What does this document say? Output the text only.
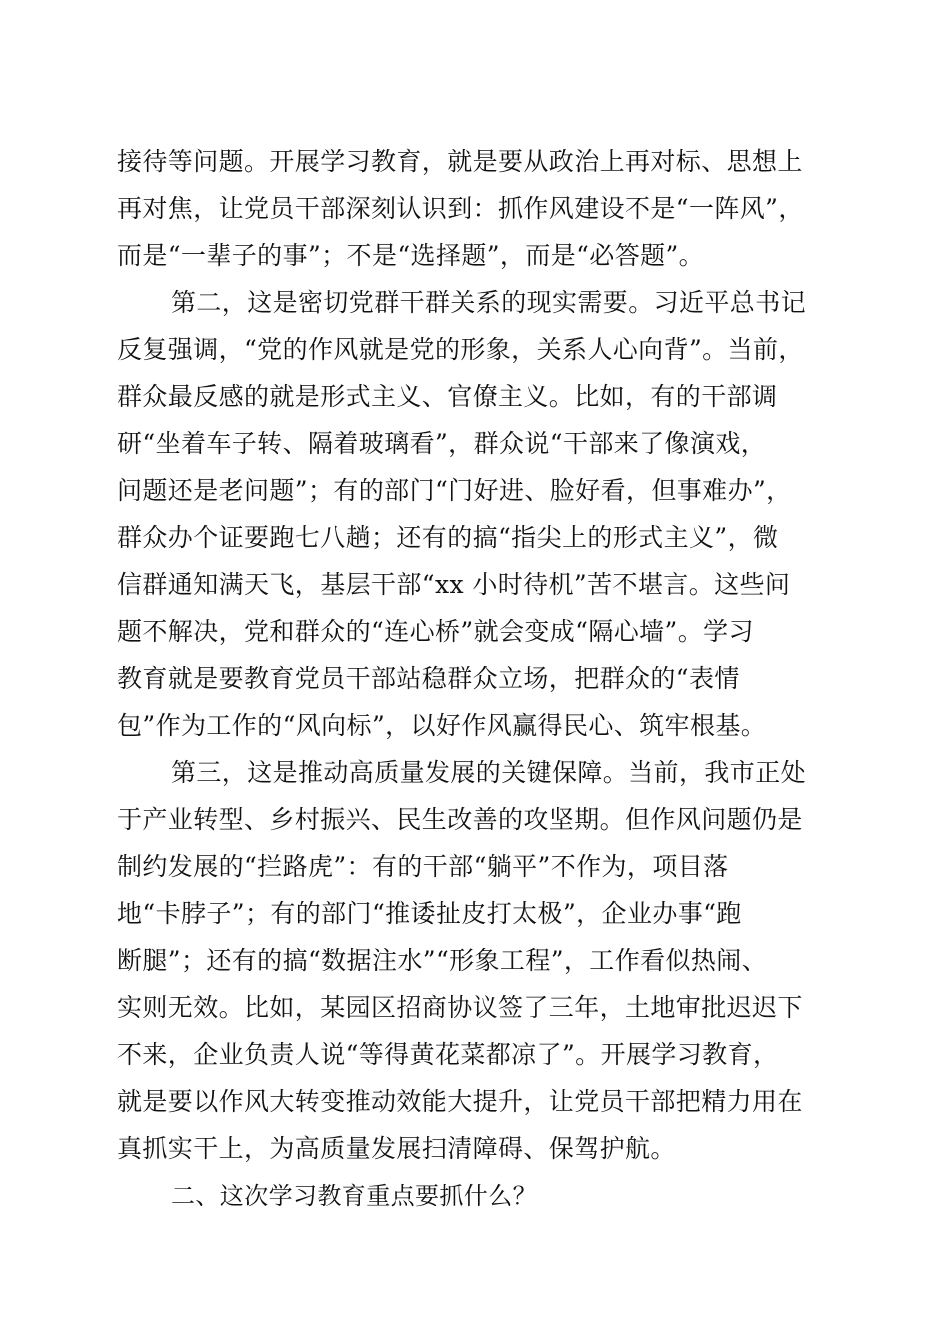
接待等问题。开展学习教育，就是要从政治上再对标、思想上
再对焦，让党员干部深刻认识到：抓作风建设不是“一阵风”，
而是“一辈子的事”；不是“选择题”，而是“必答题”。
第二，这是密切党群干群关系的现实需要。习近平总书记
反复强调，“党的作风就是党的形象，关系人心向背”。当前，
群众最反感的就是形式主义、官僚主义。比如，有的干部调
研“坐着车子转、隔着玻璃看”，群众说“干部来了像演戏，
问题还是老问题”；有的部门“门好进、脸好看，但事难办”，
群众办个证要跑七八趟；还有的搞“指尖上的形式主义”，微
信群通知满天飞，基层干部“xx 小时待机”苦不堪言。这些问
题不解决，党和群众的“连心桥”就会变成“隔心墙”。学习
教育就是要教育党员干部站稳群众立场，把群众的“表情
包”作为工作的“风向标”，以好作风赢得民心、筑牢根基。
第三，这是推动高质量发展的关键保障。当前，我市正处
于产业转型、乡村振兴、民生改善的攻坚期。但作风问题仍是
制约发展的“拦路虎”：有的干部“躺平”不作为，项目落
地“卡脖子”；有的部门“推诿扯皮打太极”，企业办事“跑
断腿”；还有的搞“数据注水”“形象工程”，工作看似热闹、
实则无效。比如，某园区招商协议签了三年，土地审批迟迟下
不来，企业负责人说“等得黄花菜都凉了”。开展学习教育，
就是要以作风大转变推动效能大提升，让党员干部把精力用在
真抓实干上，为高质量发展扫清障碍、保驾护航。
二、这次学习教育重点要抓什么？
